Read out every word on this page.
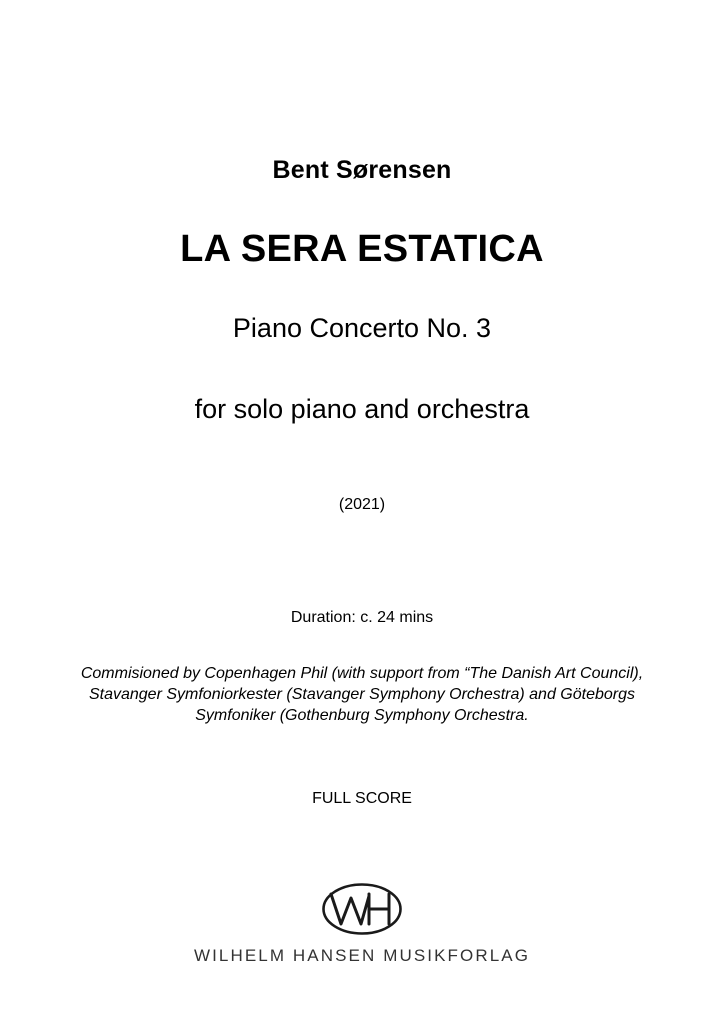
Bent Sørensen
LA SERA ESTATICA
Piano Concerto No. 3
for solo piano and orchestra
(2021)
Duration: c. 24 mins
Commisioned by Copenhagen Phil (with support from “The Danish Art Council),
Stavanger Symfoniorkester (Stavanger Symphony Orchestra) and Göteborgs
Symfoniker (Gothenburg Symphony Orchestra.
FULL SCORE
WILHELM HANSEN MUSIKFORLAG
